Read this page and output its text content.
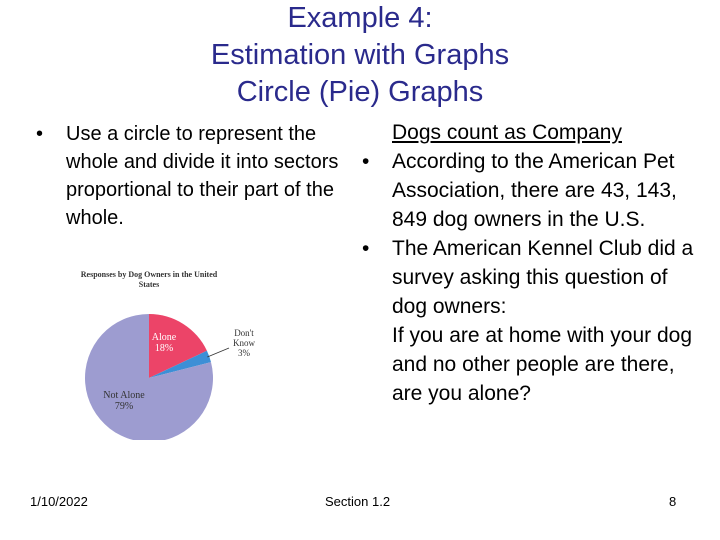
Example 4:
Estimation with Graphs
Circle (Pie) Graphs
• Use a circle to represent the whole and divide it into sectors proportional to their part of the whole.
Responses by Dog Owners in the United States
Alone 18%
Don't Know 3%
Not Alone 79%
Dogs count as Company
• According to the American Pet Association, there are 43, 143, 849 dog owners in the U.S.
• The American Kennel Club did a survey asking this question of dog owners:
If you are at home with your dog and no other people are there, are you alone?
1/10/2022	Section 1.2	8
